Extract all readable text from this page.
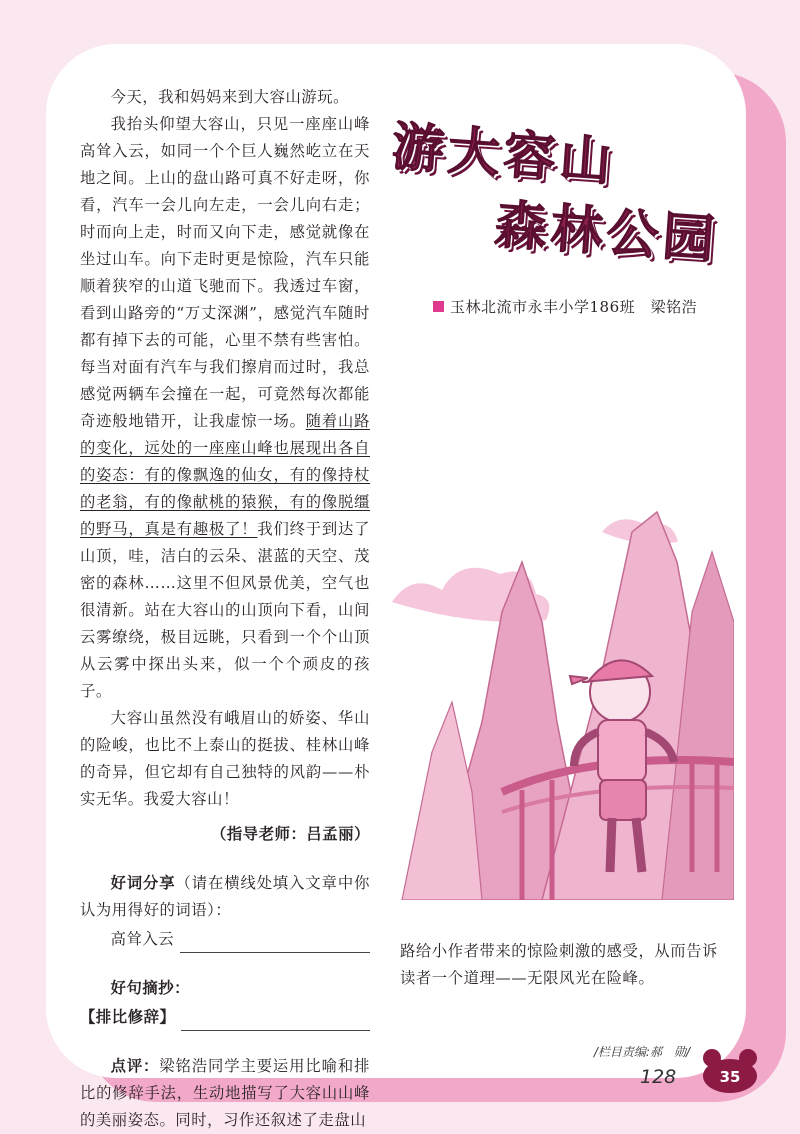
今天，我和妈妈来到大容山游玩。

我抬头仰望大容山，只见一座座山峰高耸入云，如同一个个巨人巍然屹立在天地之间。上山的盘山路可真不好走呀，你看，汽车一会儿向左走，一会儿向右走；时而向上走，时而又向下走，感觉就像在坐过山车。向下走时更是惊险，汽车只能顺着狭窄的山道飞驰而下。我透过车窗，看到山路旁的“万丈深渊”，感觉汽车随时都有掉下去的可能，心里不禁有些害怕。每当对面有汽车与我们擦肩而过时，我总感觉两辆车会撞在一起，可竟然每次都能奇迹般地错开，让我虚惊一场。随着山路的变化，远处的一座座山峰也展现出各自的姿态：有的像飘逸的仙女，有的像持杖的老翁，有的像献桃的猿猴，有的像脱缰的野马，真是有趣极了！我们终于到达了山顶，哇，洁白的云朵、湛蓝的天空、茂密的森林……这里不但风景优美，空气也很清新。站在大容山的山顶向下看，山间云雾缭绕，极目远眺，只看到一个个山顶从云雾中探出头来，似一个个顽皮的孩子。

大容山虽然没有峨眉山的娇姿、华山的险峻，也比不上泰山的挺拔、桂林山峰的奇异，但它却有自己独特的风韵——朴实无华。我爱大容山！

（指导老师：吕孟丽）

好词分享（请在横线处填入文章中你认为用得好的词语）：

高耸入云

好句摘抄：

【排比修辞】

点评：梁铭浩同学主要运用比喻和排比的修辞手法，生动地描写了大容山山峰的美丽姿态。同时，习作还叙述了走盘山

游大容山
森林公园
玉林北流市永丰小学186班　梁铭浩
路给小作者带来的惊险刺激的感受，从而告诉读者一个道理——无限风光在险峰。
/栏目责编:郝　勋/
128	35
